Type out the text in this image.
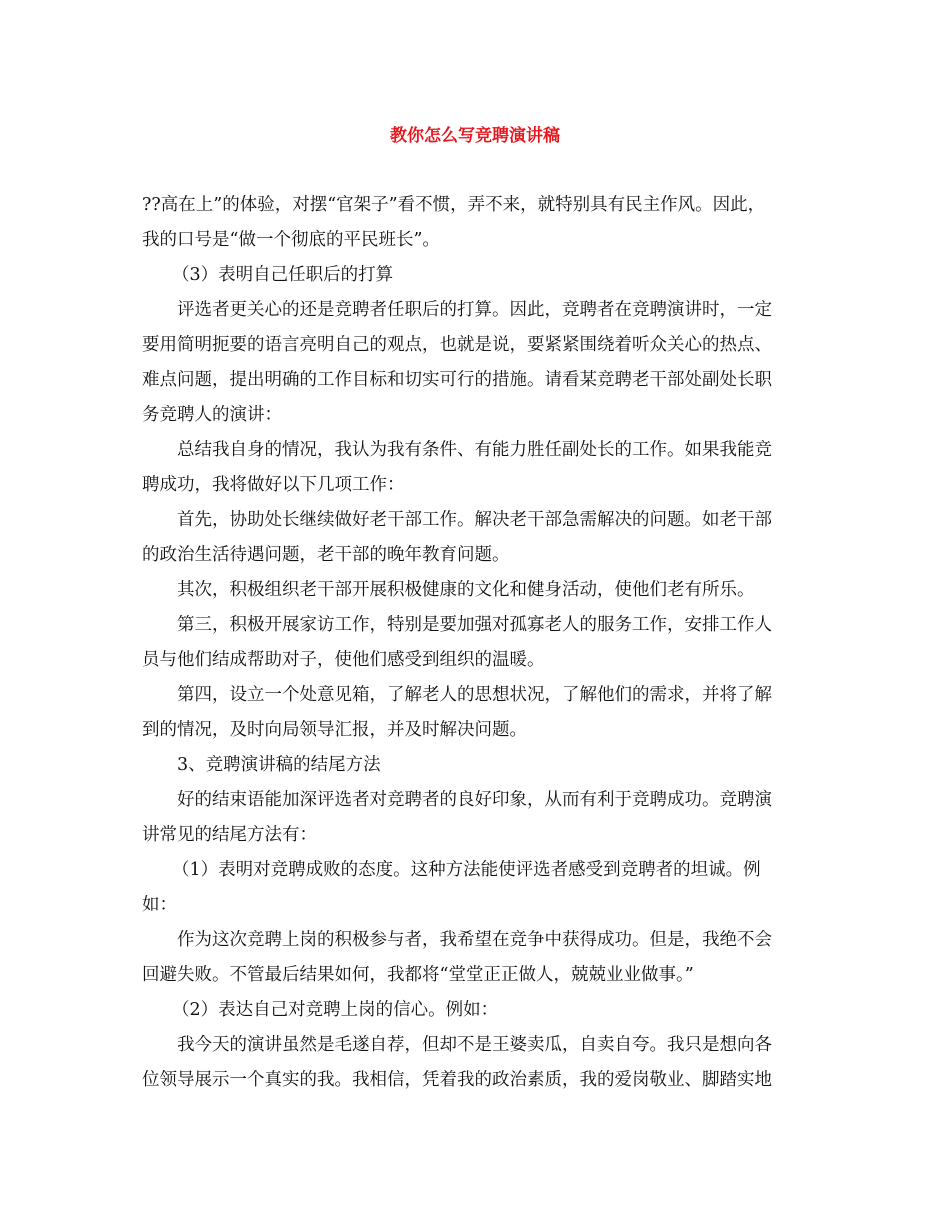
教你怎么写竞聘演讲稿
??高在上”的体验，对摆“官架子”看不惯，弄不来，就特别具有民主作风。因此，
我的口号是“做一个彻底的平民班长”。
（3）表明自己任职后的打算
评选者更关心的还是竞聘者任职后的打算。因此，竞聘者在竞聘演讲时，一定
要用简明扼要的语言亮明自己的观点，也就是说，要紧紧围绕着听众关心的热点、
难点问题，提出明确的工作目标和切实可行的措施。请看某竞聘老干部处副处长职
务竞聘人的演讲：
总结我自身的情况，我认为我有条件、有能力胜任副处长的工作。如果我能竞
聘成功，我将做好以下几项工作：
首先，协助处长继续做好老干部工作。解决老干部急需解决的问题。如老干部
的政治生活待遇问题，老干部的晚年教育问题。
其次，积极组织老干部开展积极健康的文化和健身活动，使他们老有所乐。
第三，积极开展家访工作，特别是要加强对孤寡老人的服务工作，安排工作人
员与他们结成帮助对子，使他们感受到组织的温暖。
第四，设立一个处意见箱，了解老人的思想状况，了解他们的需求，并将了解
到的情况，及时向局领导汇报，并及时解决问题。
3、竞聘演讲稿的结尾方法
好的结束语能加深评选者对竞聘者的良好印象，从而有利于竞聘成功。竞聘演
讲常见的结尾方法有：
（1）表明对竞聘成败的态度。这种方法能使评选者感受到竞聘者的坦诚。例
如：
作为这次竞聘上岗的积极参与者，我希望在竞争中获得成功。但是，我绝不会
回避失败。不管最后结果如何，我都将“堂堂正正做人，兢兢业业做事。”
（2）表达自己对竞聘上岗的信心。例如：
我今天的演讲虽然是毛遂自荐，但却不是王婆卖瓜，自卖自夸。我只是想向各
位领导展示一个真实的我。我相信，凭着我的政治素质，我的爱岗敬业、脚踏实地
